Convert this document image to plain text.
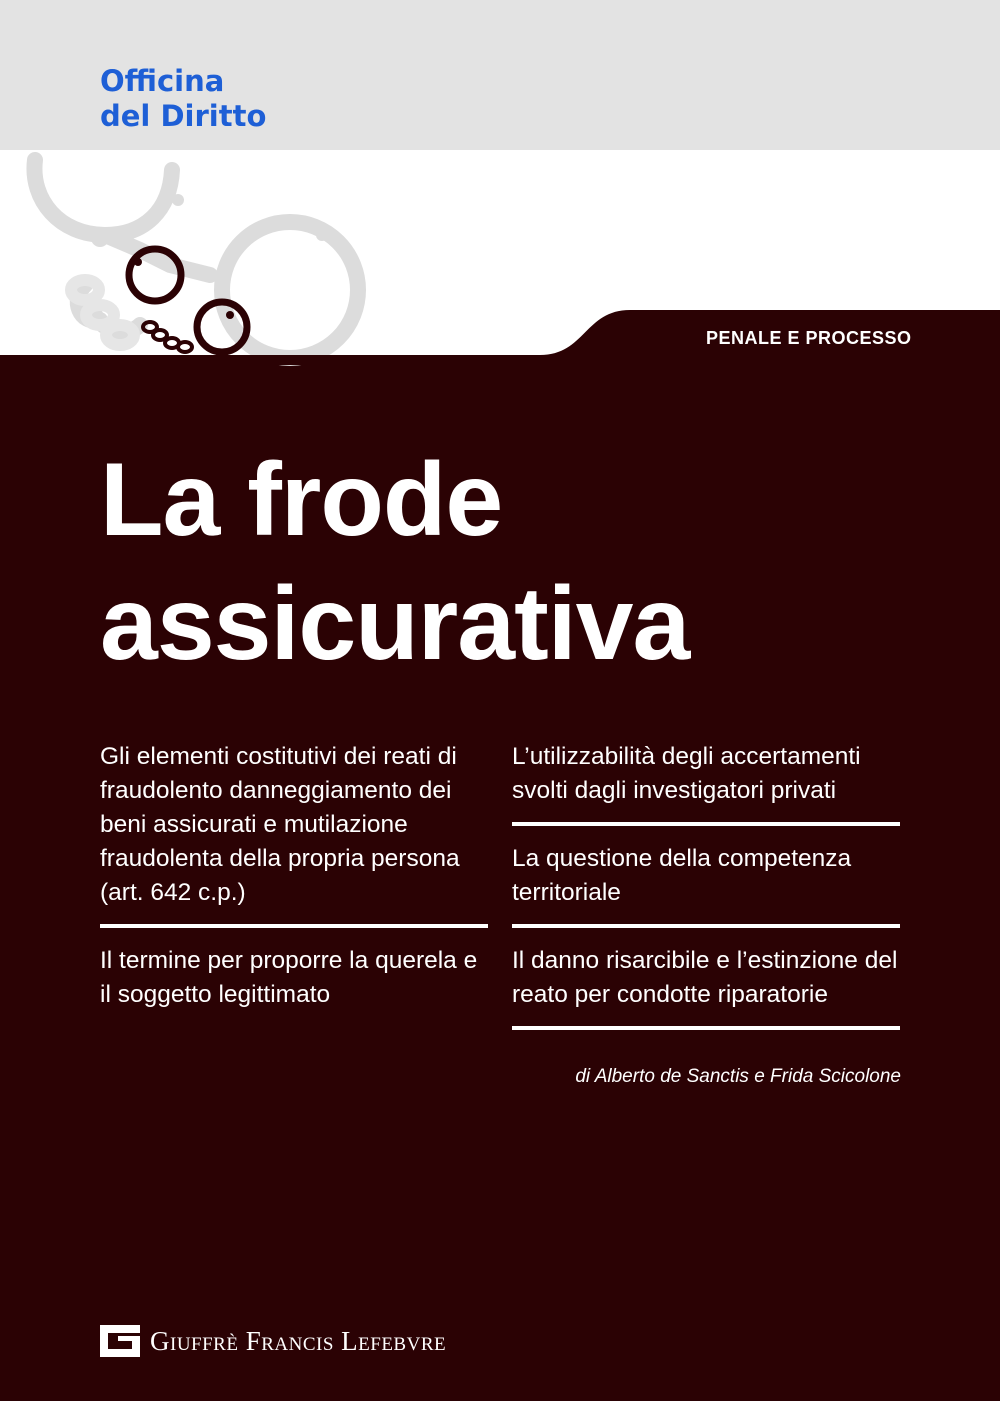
Officina
del Diritto
PENALE E PROCESSO
La frode
assicurativa
Gli elementi costitutivi dei reati di fraudolento danneggiamento dei beni assicurati e mutilazione fraudolenta della propria persona (art. 642 c.p.)
Il termine per proporre la querela e il soggetto legittimato
L’utilizzabilità degli accertamenti svolti dagli investigatori privati
La questione della competenza territoriale
Il danno risarcibile e l’estinzione del reato per condotte riparatorie
di Alberto de Sanctis e Frida Scicolone
Giuffrè Francis Lefebvre
